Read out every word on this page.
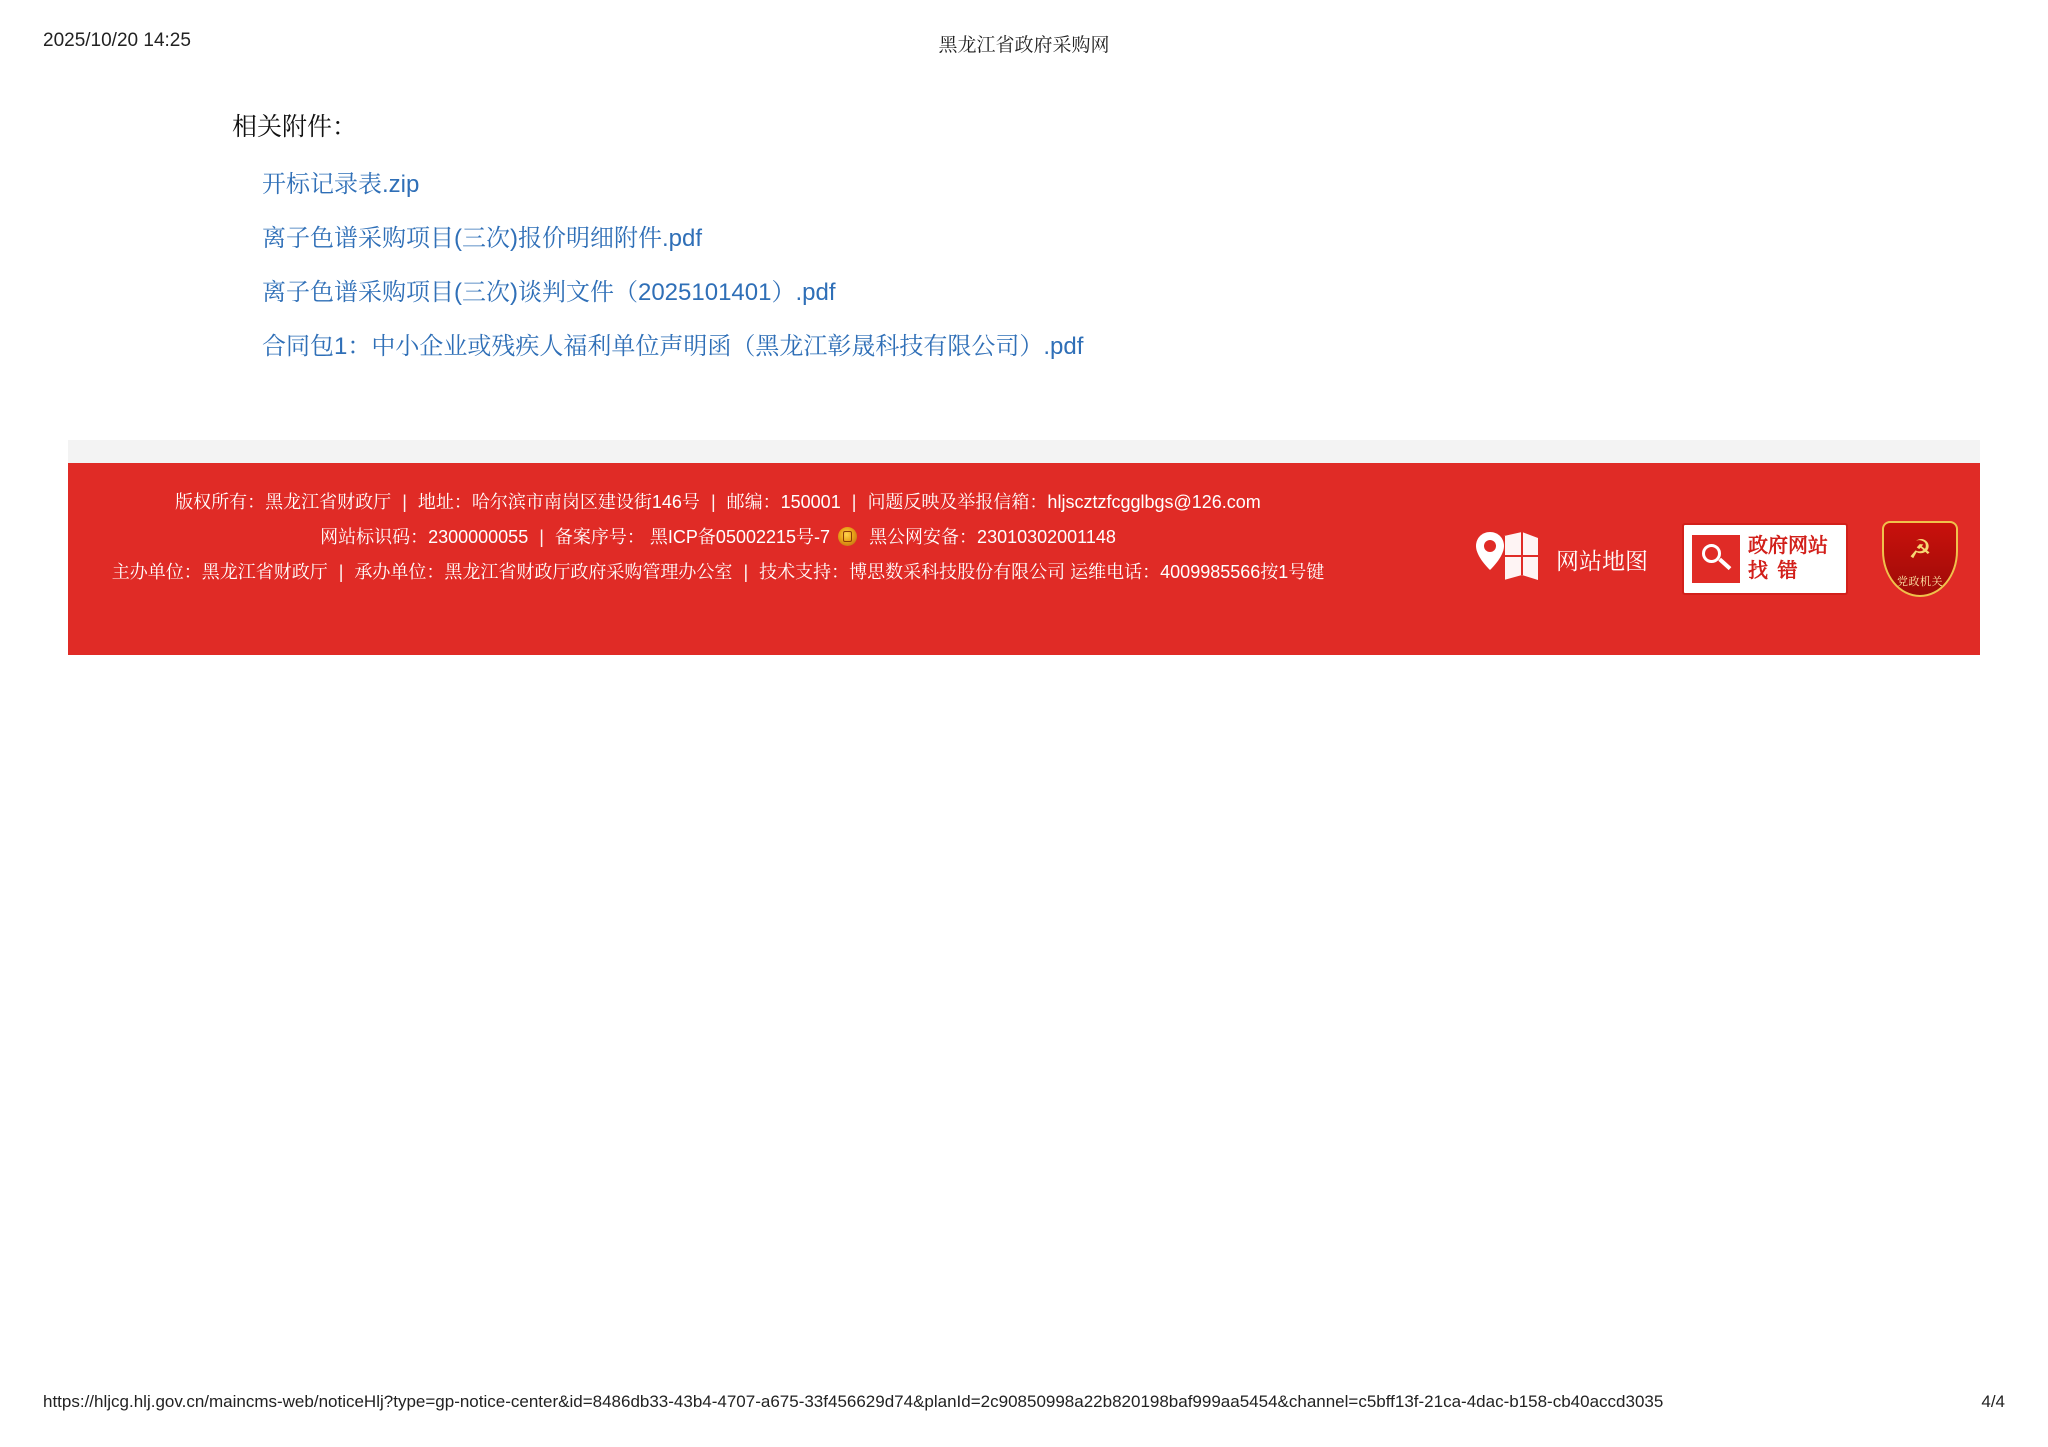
2025/10/20 14:25	黑龙江省政府采购网
相关附件：
开标记录表.zip
离子色谱采购项目(三次)报价明细附件.pdf
离子色谱采购项目(三次)谈判文件（2025101401）.pdf
合同包1：中小企业或残疾人福利单位声明函（黑龙江彰晟科技有限公司）.pdf
版权所有：黑龙江省财政厅 | 地址：哈尔滨市南岗区建设街146号 | 邮编：150001 | 问题反映及举报信箱：hljscztzfcgglbgs@126.com
网站标识码：2300000055 | 备案序号： 黑ICP备05002215号-7 黑公网安备：23010302001148
主办单位：黑龙江省财政厅 | 承办单位：黑龙江省财政厅政府采购管理办公室 | 技术支持：博思数采科技股份有限公司 运维电话：4009985566按1号键	网站地图
政府网站
找 错
☭
党政机关
https://hljcg.hlj.gov.cn/maincms-web/noticeHlj?type=gp-notice-center&id=8486db33-43b4-4707-a675-33f456629d74&planId=2c90850998a22b820198baf999aa5454&channel=c5bff13f-21ca-4dac-b158-cb40accd3035	4/4
